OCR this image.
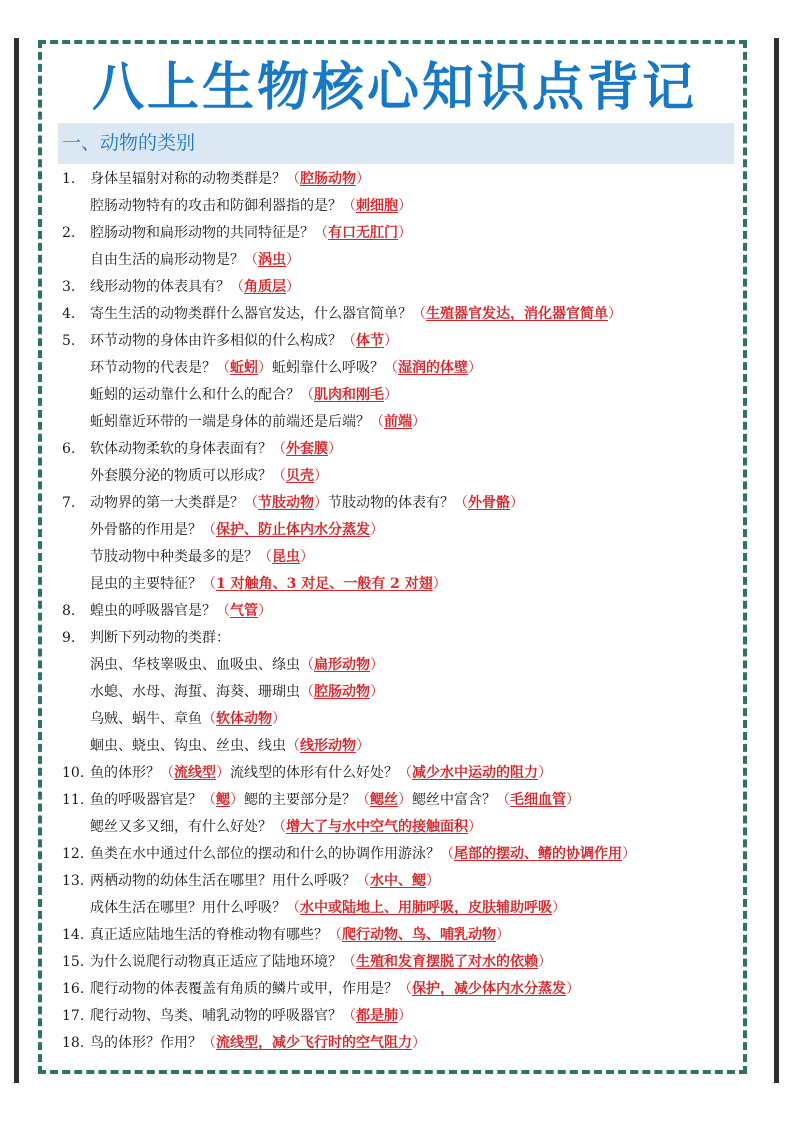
八上生物核心知识点背记
一、动物的类别
1.	身体呈辐射对称的动物类群是？（腔肠动物）
腔肠动物特有的攻击和防御利器指的是？（刺细胞）
2.	腔肠动物和扁形动物的共同特征是？（有口无肛门）
自由生活的扁形动物是？（涡虫）
3.	线形动物的体表具有？（角质层）
4.	寄生生活的动物类群什么器官发达，什么器官简单？（生殖器官发达，消化器官简单）
5.	环节动物的身体由许多相似的什么构成？（体节）
环节动物的代表是？（蚯蚓）蚯蚓靠什么呼吸？（湿润的体壁）
蚯蚓的运动靠什么和什么的配合？（肌肉和刚毛）
蚯蚓靠近环带的一端是身体的前端还是后端？（前端）
6.	软体动物柔软的身体表面有？（外套膜）
外套膜分泌的物质可以形成？（贝壳）
7.	动物界的第一大类群是？（节肢动物）节肢动物的体表有？（外骨骼）
外骨骼的作用是？（保护、防止体内水分蒸发）
节肢动物中种类最多的是？（昆虫）
昆虫的主要特征？（1 对触角、3 对足、一般有 2 对翅）
8.	蝗虫的呼吸器官是？（气管）
9.	判断下列动物的类群：
涡虫、华枝睾吸虫、血吸虫、绦虫（扁形动物）
水螅、水母、海蜇、海葵、珊瑚虫（腔肠动物）
乌贼、蜗牛、章鱼（软体动物）
蛔虫、蛲虫、钩虫、丝虫、线虫（线形动物）
10. 鱼的体形？（流线型）流线型的体形有什么好处？（减少水中运动的阻力）
11. 鱼的呼吸器官是？（鳃）鳃的主要部分是？（鳃丝）鳃丝中富含？（毛细血管）
鳃丝又多又细，有什么好处？（增大了与水中空气的接触面积）
12. 鱼类在水中通过什么部位的摆动和什么的协调作用游泳？（尾部的摆动、鳍的协调作用）
13. 两栖动物的幼体生活在哪里？用什么呼吸？（水中、鳃）
成体生活在哪里？用什么呼吸？（水中或陆地上、用肺呼吸，皮肤辅助呼吸）
14. 真正适应陆地生活的脊椎动物有哪些？（爬行动物、鸟、哺乳动物）
15. 为什么说爬行动物真正适应了陆地环境？（生殖和发育摆脱了对水的依赖）
16. 爬行动物的体表覆盖有角质的鳞片或甲，作用是？（保护，减少体内水分蒸发）
17. 爬行动物、鸟类、哺乳动物的呼吸器官？（都是肺）
18. 鸟的体形？作用？（流线型，减少飞行时的空气阻力）
